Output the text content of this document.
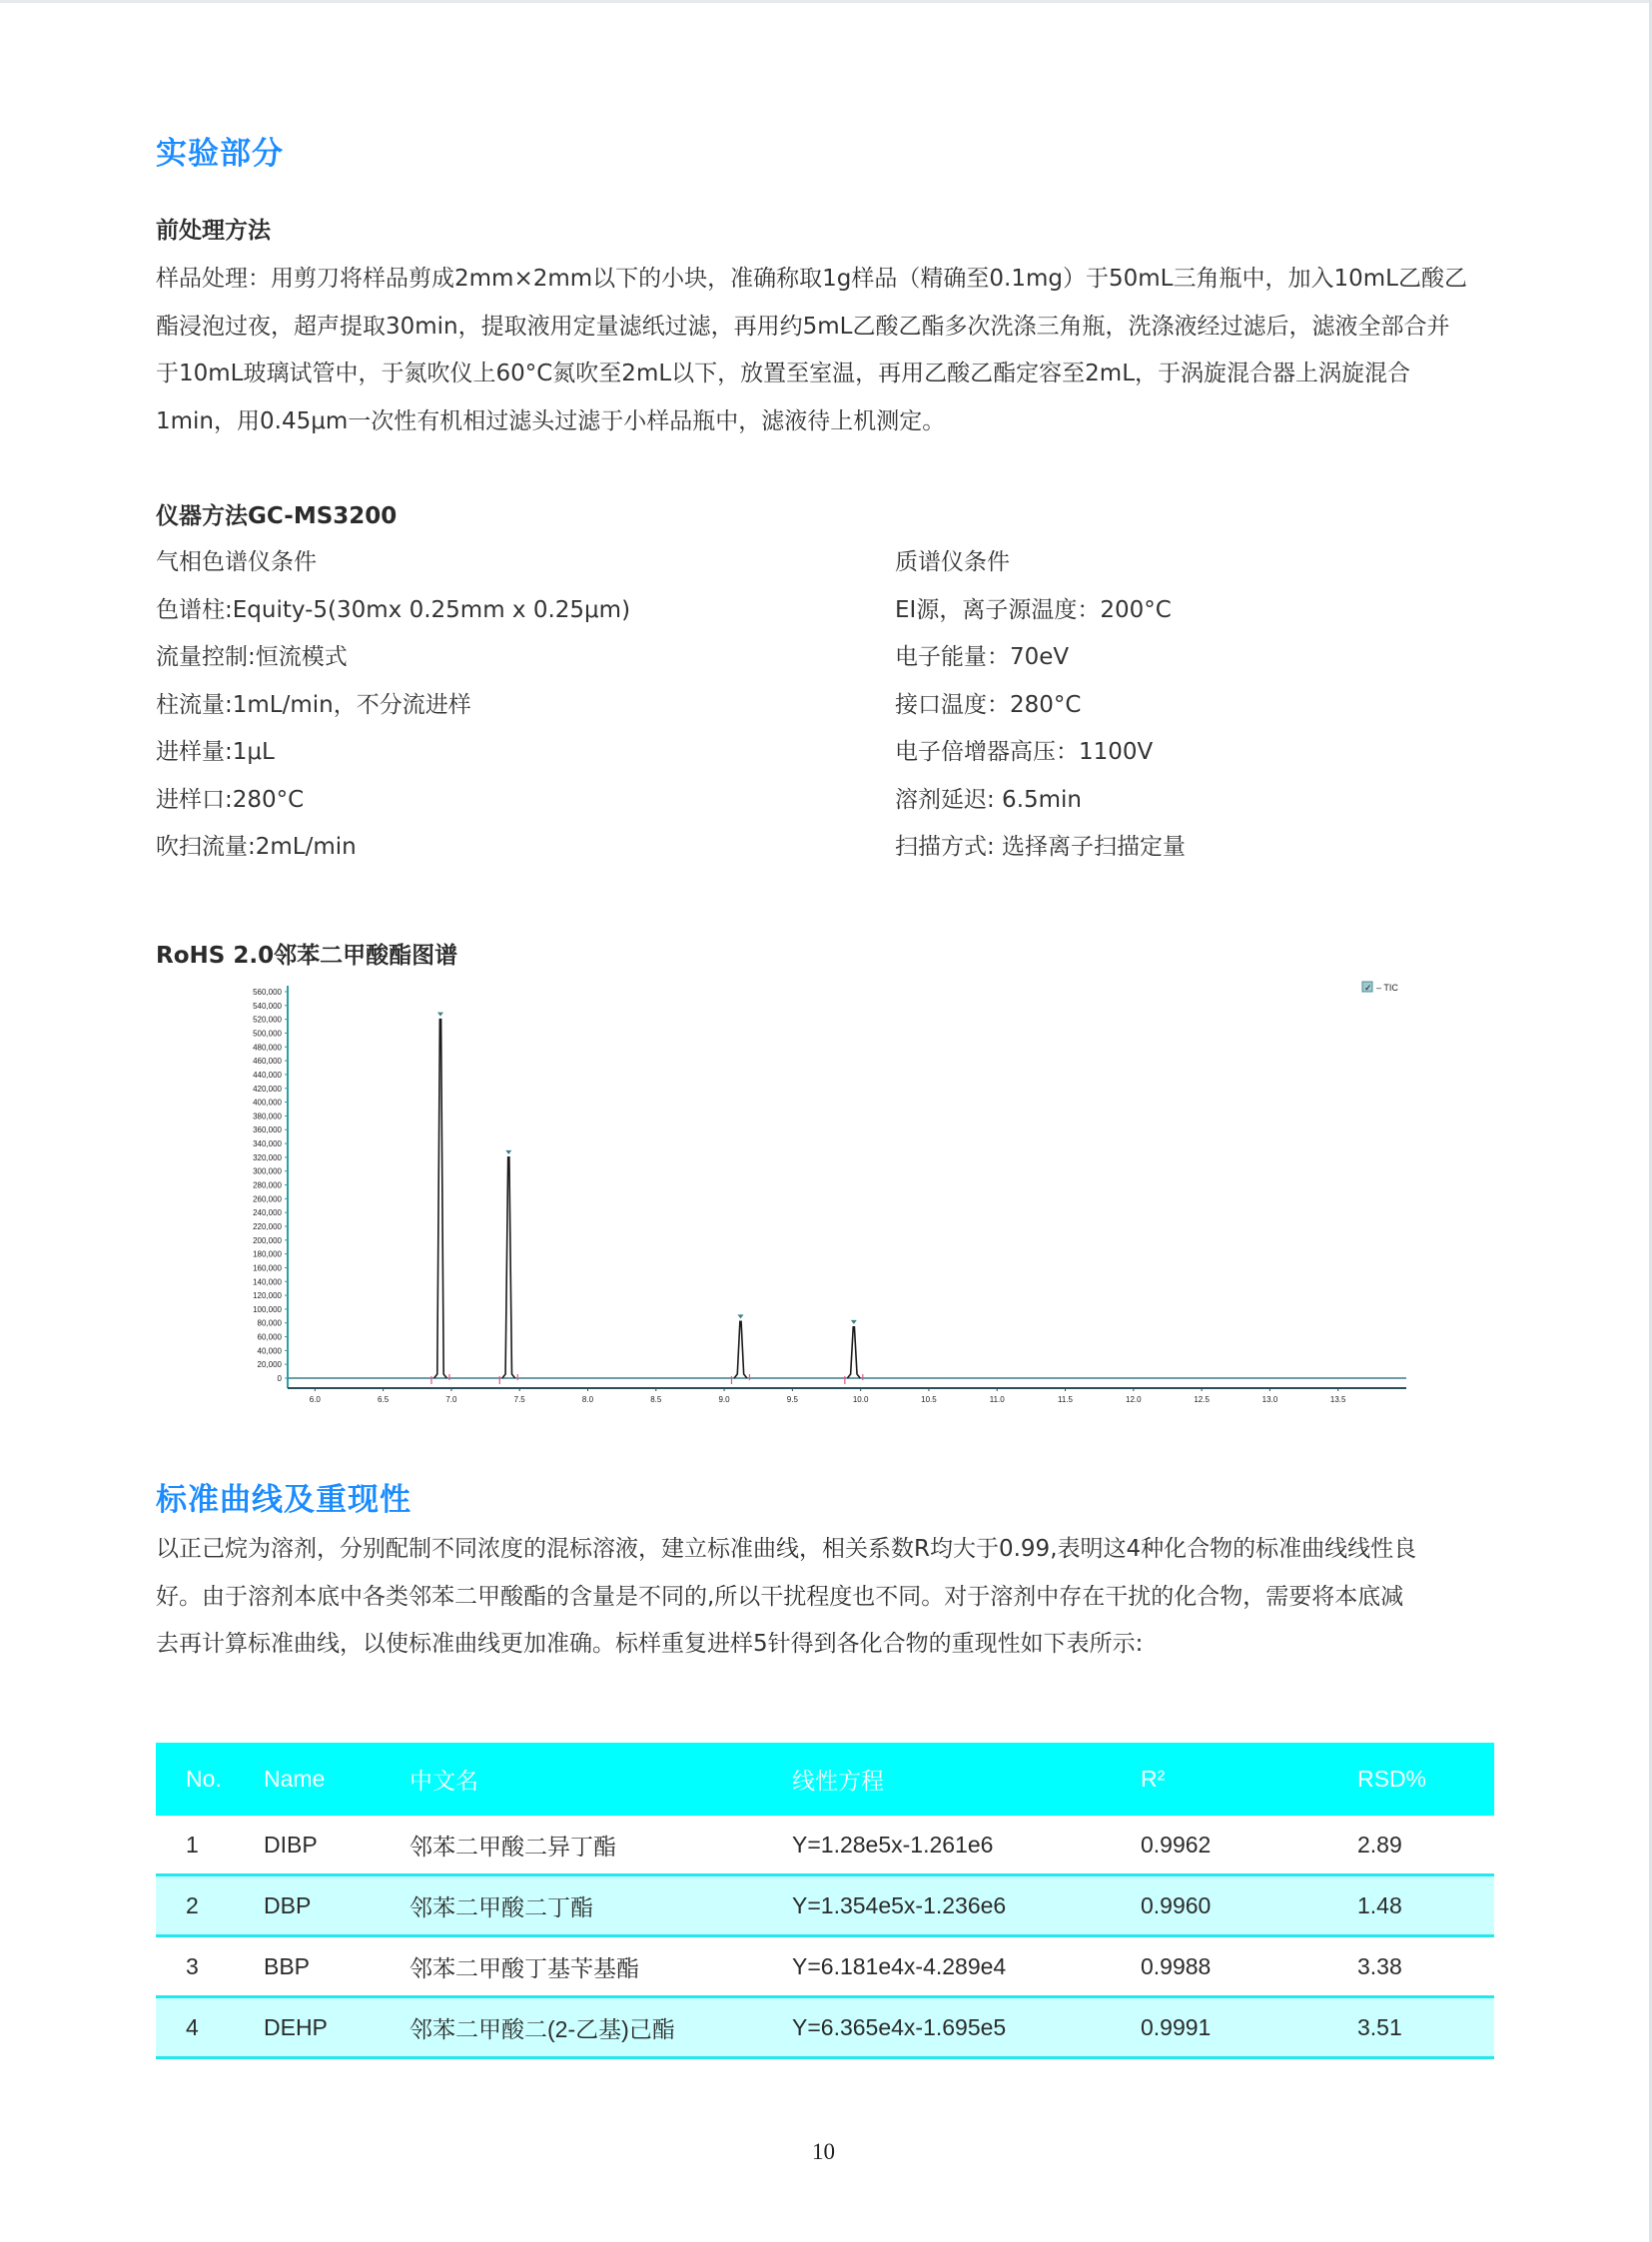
实验部分
前处理方法
样品处理：用剪刀将样品剪成2mm×2mm以下的小块，准确称取1g样品（精确至0.1mg）于50mL三角瓶中，加入10mL乙酸乙
酯浸泡过夜，超声提取30min，提取液用定量滤纸过滤，再用约5mL乙酸乙酯多次洗涤三角瓶，洗涤液经过滤后，滤液全部合并
于10mL玻璃试管中，于氮吹仪上60°C氮吹至2mL以下，放置至室温，再用乙酸乙酯定容至2mL，于涡旋混合器上涡旋混合
1min，用0.45μm一次性有机相过滤头过滤于小样品瓶中，滤液待上机测定。
仪器方法GC-MS3200
气相色谱仪条件
色谱柱:Equity-5(30mx 0.25mm x 0.25μm)
流量控制:恒流模式
柱流量:1mL/min，不分流进样
进样量:1μL
进样口:280°C
吹扫流量:2mL/min
质谱仪条件
EI源，离子源温度：200°C
电子能量：70eV
接口温度：280°C
电子倍增器高压：1100V
溶剂延迟: 6.5min
扫描方式: 选择离子扫描定量
RoHS 2.0邻苯二甲酸酯图谱
560,000
540,000
520,000
500,000
480,000
460,000
440,000
420,000
400,000
380,000
360,000
340,000
320,000
300,000
280,000
260,000
240,000
220,000
200,000
180,000
160,000
140,000
120,000
100,000
80,000
60,000
40,000
20,000
0
6.0	6.5	7.0	7.5	8.0	8.5	9.0	9.5	10.0	10.5	11.0	11.5	12.0	12.5	13.0	13.5
✓ – TIC
标准曲线及重现性
以正己烷为溶剂，分别配制不同浓度的混标溶液，建立标准曲线，相关系数R均大于0.99,表明这4种化合物的标准曲线线性良
好。由于溶剂本底中各类邻苯二甲酸酯的含量是不同的,所以干扰程度也不同。对于溶剂中存在干扰的化合物，需要将本底减
去再计算标准曲线，以使标准曲线更加准确。标样重复进样5针得到各化合物的重现性如下表所示:
No.	Name	中文名	线性方程	R²	RSD%
1	DIBP	邻苯二甲酸二异丁酯	Y=1.28e5x-1.261e6	0.9962	2.89
2	DBP	邻苯二甲酸二丁酯	Y=1.354e5x-1.236e6	0.9960	1.48
3	BBP	邻苯二甲酸丁基苄基酯	Y=6.181e4x-4.289e4	0.9988	3.38
4	DEHP	邻苯二甲酸二(2-乙基)己酯	Y=6.365e4x-1.695e5	0.9991	3.51
10
